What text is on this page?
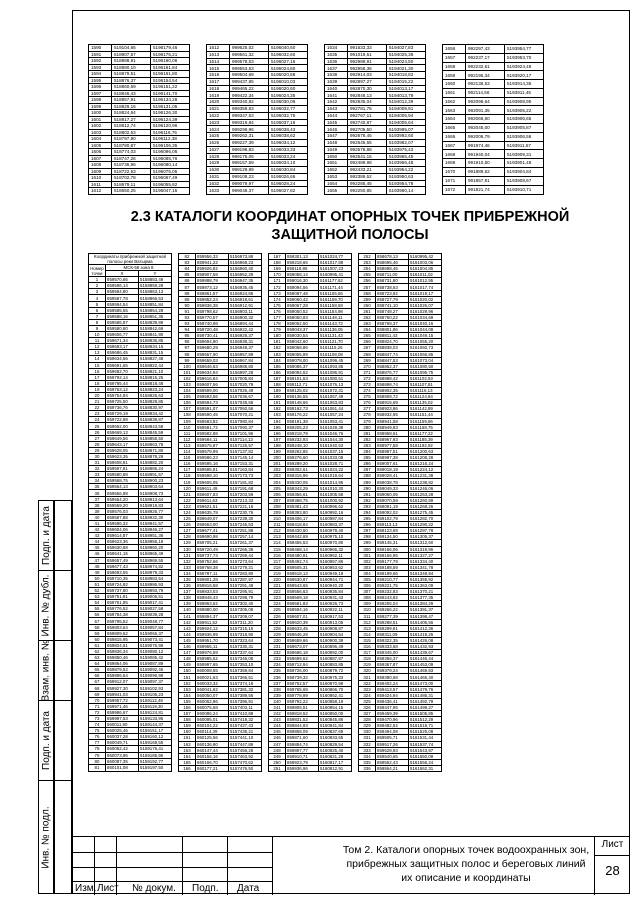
Подп. и дата
Инв. № дубл.
Взам. инв. №
Подп. и дата
Инв. № подл.
1590	519104,66	5196179,46
1591	518907,57	5196175,21
1592	518888,91	5196160,06
1593	518880,10	5196161,84
1594	518879,51	5196161,80
1595	518876,37	5196154,54
1596	518860,69	5196151,22
1597	518846,43	5196141,70
1598	518857,91	5196134,28
1599	518829,16	5196131,05
1600	518824,64	5196126,30
1601	518817,27	5196124,39
1602	518812,74	5196120,96
1603	518802,53	5196116,75
1604	518797,80	5196112,38
1605	518780,87	5196106,35
1606	518774,03	5196096,06
1607	518747,26	5196085,76
1608	518736,96	5196080,14
1609	518722,53	5196075,05
1610	518702,78	5196067,49
1611	518679,11	5196055,82
1612	518650,25	5196047,15
1612	999625,02	5196040,60
1613	999561,32	5196032,60
1614	999578,53	5196027,16
1615	999553,53	5196024,80
1616	999504,69	5196020,58
1617	999437,85	5196010,03
1618	999465,22	5196020,60
1619	999422,34	5196024,35
1620	999340,82	5196030,06
1621	999359,83	5196032,77
1622	999347,53	5196032,75
1623	999319,84	5196037,16
1624	999296,96	5196038,43
1625	999262,31	5196038,62
1626	999227,39	5196034,12
1627	999198,83	5196033,33
1628	999175,05	5196033,24
1629	999157,59	5196034,10
1630	999129,99	5196030,84
1631	999108,23	5196026,66
1632	999079,97	5196028,24
1633	999048,37	5196027,82
1634	991633,33	5194027,83
1635	991019,51	5194025,38
1636	992989,91	5194024,50
1637	992958,36	5194021,30
1638	992914,03	5194018,82
1639	992897,27	5194015,22
1640	992870,30	5194013,17
1641	992846,13	5194013,78
1642	992835,04	5194012,39
1643	992781,76	5194009,91
1644	992767,11	5194006,94
1645	992740,87	5194005,64
1646	992705,50	5193995,07
1647	992678,45	5193992,60
1648	992645,55	5193982,07
1649	992578,88	5193975,43
1650	992541,15	5193965,45
1651	992489,98	5193956,48
1652	992433,21	5193954,22
1653	992389,52	5193950,63
1654	992285,45	5193954,78
1655	992250,85	5193960,14
1656	992297,43	5193954,77
1657	992237,17	5193953,70
1658	992232,61	5193924,48
1659	992195,34	5193920,17
1660	992136,53	5193914,35
1661	992114,56	5193911,45
1662	992096,64	5193908,95
1663	992091,35	5193905,22
1664	992066,60	5193906,65
1665	992045,00	5193905,87
1666	992006,79	5193906,56
1667	991974,46	5193911,57
1668	991940,04	5193909,31
1669	991910,50	5193901,48
1670	991889,62	5193904,84
1671	991857,81	5193908,67
1672	991821,74	5193910,71
2.3 КАТАЛОГИ КООРДИНАТ ОПОРНЫХ ТОЧЕК ПРИБРЕЖНОЙ ЗАЩИТНОЙ ПОЛОСЫ
Координаты прибрежной защитной полосы реки Ватырма		
Номер точки	МСК-58 зона 8	
	X	Y
1	859570,66	5158883,49
2	859596,14	5158859,28
3	859594,80	5158863,13
4	859587,78	5158866,53
5	859594,54	5158851,84
6	859585,55	5158854,28
7	859588,16	5158851,35
8	859586,97	5158839,99
9	859580,80	5158842,69
10	859606,77	5158841,90
11	859671,34	5158836,85
12	859683,17	5158834,15
13	859686,45	5158831,15
14	859634,56	5158827,48
15	859691,65	5158822,44
16	859682,70	5158821,10
17	859792,14	5158815,25
18	859785,44	5158818,48
19	859763,12	5158823,24
20	859754,94	5158826,63
21	859725,50	5158828,85
22	859736,76	5158830,97
23	859729,19	5158834,42
24	859722,98	5158839,87
25	859692,00	5158843,58
26	859669,13	5158845,59
27	859649,56	5158855,50
28	859643,17	5158863,78
29	859628,05	5158871,80
30	859623,35	5158878,29
31	859608,81	5158882,20
32	859597,81	5158886,24
33	859580,88	5158891,57
34	859568,75	5158900,23
35	859564,13	5158903,64
36	859556,88	5158908,73
37	859554,20	5158913,64
38	859559,20	5158919,83
39	859576,03	5158926,77
40	859587,88	5158932,30
41	859596,32	5158941,57
42	859604,06	5158946,27
43	859614,87	5158951,36
44	859623,36	5158956,19
45	859630,88	5158960,20
46	859641,15	5158965,49
47	859657,49	5158969,55
48	859677,43	5158974,82
49	859693,55	5158979,33
50	859710,35	5158983,54
51	859724,82	5158986,93
52	859737,80	5158993,79
53	859751,91	5159006,51
54	859761,95	5159017,41
55	859776,52	5159027,58
56	859784,38	5159039,28
57	859795,52	5159048,77
58	859803,64	5159057,84
59	859809,62	5159066,37
60	859815,95	5159073,41
61	859824,61	5159076,98
62	859836,34	5159080,12
63	859850,46	5159085,42
64	859864,06	5159087,89
65	859879,52	5159092,45
66	859896,64	5159096,99
67	859912,07	5159097,37
68	859927,30	5159102,93
69	859941,03	5159106,23
70	859957,72	5159112,48
71	859971,46	5159119,30
72	859986,67	5159124,81
73	859997,53	5159133,95
74	860011,90	5159144,37
75	860025,46	5159151,17
76	860037,28	5159160,12
77	860049,71	5159168,55
78	860062,42	5159176,41
79	860073,96	5159185,96
80	860087,35	5159192,77
81	860101,08	5159197,50
82	859956,33	5156973,88
83	859941,22	5156968,23
84	859926,82	5156960,40
85	859907,58	5156952,29
86	859888,79	5156947,35
87	859873,12	5156935,45
88	859861,57	5156924,85
89	859852,24	5156918,61
90	859836,38	5156912,91
91	859798,62	5156903,11
92	859770,57	5156900,32
93	859740,98	5156894,44
94	859720,48	5156922,42
95	859730,41	5156928,37
96	859694,80	5156938,31
97	859680,29	5156948,37
98	859667,90	5156957,89
99	859659,03	5156967,84
100	859646,63	5156988,80
101	859634,94	5156997,28
102	859616,84	5157005,84
103	859607,56	5157020,79
104	859599,00	5157026,49
105	859593,56	5157036,67
106	859594,73	5157048,58
107	859591,07	5157060,56
108	859590,45	5157070,21
109	859583,82	5157080,84
110	859581,72	5157090,37
111	859582,88	5157101,96
112	859584,11	5157114,13
113	859575,87	5157126,57
114	859579,99	5157137,82
115	859586,23	5157145,14
116	859595,16	5157153,31
117	859595,81	5157163,84
118	859598,10	5157173,73
119	859606,05	5157181,82
120	859611,49	5157191,68
121	859607,83	5157203,59
122	859611,63	5157213,33
123	859621,51	5157221,16
124	859635,78	5157230,76
125	859649,07	5157239,30
126	859663,00	5157245,53
127	859677,41	5157251,88
128	859690,98	5157257,14
129	859705,21	5157261,37
130	859720,49	5157266,39
131	859737,74	5157269,44
132	859752,66	5157273,64
133	859768,38	5157279,21
134	859787,11	5157283,80
135	859801,28	5157287,97
136	859816,58	5157291,48
137	859833,03	5157295,91
138	859848,43	5157298,79
139	859863,62	5157302,40
140	859880,00	5157305,08
141	859894,37	5157309,07
142	859911,52	5157311,20
143	859924,12	5157315,15
144	859936,99	5157318,90
145	859951,70	5157323,64
146	859965,11	5157330,31
147	859976,59	5157337,64
148	859985,52	5157346,08
149	859997,65	5157353,10
150	860008,55	5157359,84
151	860021,63	5157366,51
152	860033,32	5157374,18
153	860041,62	5157381,32
154	860050,07	5157389,56
155	860062,86	5157396,91
156	860075,68	5157403,11
157	860086,24	5157410,88
158	860095,01	5157419,32
159	860104,22	5157427,43
160	860114,39	5157435,21
161	860125,56	5157441,10
162	860136,90	5157447,89
163	860147,44	5157456,28
164	860156,16	5157463,92
165	860166,70	5157470,62
166	860177,21	5157476,50
167	859301,13	5161024,77
168	859218,66	5161017,88
169	859119,86	5161007,23
170	859058,14	5160995,41
171	859016,30	5161177,62
172	859094,56	5161171,44
173	859087,48	5161165,56
174	859060,42	5161159,70
175	859067,28	5161158,59
176	859050,52	5161154,98
177	859050,83	5161148,11
178	859052,50	5161143,72
179	859043,37	5161136,05
180	859030,54	5161131,43
181	859042,60	5161121,70
182	859058,86	5161115,26
183	859055,89	5161108,08
184	859078,00	5161099,45
185	859086,37	5161093,85
186	859094,52	5161086,91
187	859101,63	5161080,51
188	859112,71	5161076,13
189	859125,02	5161072,31
190	859136,55	5161067,49
191	859148,66	5161063,83
192	859162,73	5161061,44
193	859176,22	5161057,24
194	859191,38	5161053,41
195	859205,23	5161049,38
196	859218,79	5161046,76
197	859232,93	5161044,30
198	859248,10	5161040,53
199	859262,85	5161037,15
200	859276,60	5161033,08
201	859289,20	5161028,71
202	859302,61	5161024,22
203	859316,96	5161019,64
204	859330,05	5161014,95
205	859343,29	5161010,30
206	859356,61	5161005,58
207	859368,75	5161000,92
208	859381,43	5160996,62
209	859393,80	5160992,16
210	859406,17	5160987,84
211	859418,84	5160983,37
212	859430,50	5160979,40
213	859442,69	5160975,10
214	859455,53	5160970,80
215	859468,14	5160966,32
216	859480,91	5160962,11
217	859492,74	5160957,86
218	859505,31	5160953,62
219	859518,13	5160949,19
220	859530,87	5160944,71
221	859543,65	5160940,20
222	859556,63	5160935,84
223	859569,18	5160931,43
224	859581,83	5160926,73
225	859594,16	5160922,11
226	859607,01	5160917,53
227	859620,39	5160913,05
228	859633,45	5160908,87
229	859646,28	5160904,54
230	859659,66	5160900,39
231	859673,07	5160896,49
232	859686,18	5160892,00
233	859699,62	5160887,87
234	859712,94	5160883,85
235	859726,00	5160879,72
236	859739,32	5160875,33
237	859752,57	5160870,98
238	859765,69	5160866,70
239	859778,99	5160862,41
240	859792,22	5160858,19
241	859805,51	5160854,15
242	859818,52	5160850,00
243	859831,52	5160845,86
244	859844,93	5160841,84
245	859858,09	5160837,69
246	859871,60	5160833,65
247	859884,74	5160829,54
248	859897,77	5160825,40
249	859910,71	5160821,29
250	859923,79	5160817,17
251	859936,96	5160812,91
252	858678,13	5160995,42
253	858695,46	5161003,06
254	858698,45	5161004,85
255	858711,00	5161011,02
256	858731,80	5161012,95
257	858738,63	5161017,74
258	858723,92	5161019,17
259	858727,79	5161020,02
260	858741,10	5161026,07
261	858748,27	5161029,96
262	858760,22	5161034,69
263	858769,37	5161040,16
264	858801,86	5161044,08
265	858811,43	5161049,15
266	858824,70	5161055,20
267	858838,03	5161060,73
268	858847,74	5161066,85
269	858847,53	5161073,04
270	858852,37	5161080,50
271	858876,77	5161095,75
272	858888,42	5161102,53
273	858898,74	5161107,81
274	858902,35	5161116,13
275	858908,72	5161124,84
276	858915,69	5161135,02
277	858923,86	5161142,89
278	858932,95	5161151,44
279	858941,58	5161159,86
280	858949,83	5161168,75
281	858958,61	5161177,22
282	858967,93	5161185,39
283	858977,58	5161192,92
284	858987,51	5161200,63
285	858997,38	5161208,28
286	859007,61	5161216,24
287	859018,19	5161224,12
288	859028,41	5161231,38
289	859038,78	5161238,82
290	859049,33	5161246,06
291	859060,05	5161253,28
292	859070,59	5161260,89
293	859081,19	5161268,26
294	859092,02	5161275,45
295	859102,79	5161282,70
296	859113,13	5161290,22
297	859123,69	5161297,78
298	859134,50	5161305,37
299	859145,31	5161312,60
300	859156,06	5161319,96
301	859166,95	5161327,27
302	859177,79	5161334,40
303	859188,59	5161341,78
304	859199,66	5161348,94
305	859210,77	5161355,92
306	859221,75	5161363,09
307	859232,83	5161370,21
308	859243,82	5161377,35
309	859255,04	5161384,29
310	859266,22	5161391,37
311	859277,39	5161398,47
312	859288,51	5161405,56
313	859299,81	5161412,36
314	859311,09	5161419,26
315	859322,35	5161426,08
316	859333,68	5161432,93
317	859345,00	5161439,67
318	859356,37	5161446,44
319	859367,87	5161453,09
320	859379,24	5161459,83
321	859390,68	5161466,40
322	859402,24	5161473,00
323	859413,57	5161479,76
324	859424,94	5161486,31
325	859436,41	5161492,79
326	859447,95	5161499,27
327	859459,39	5161505,85
328	859470,96	5161512,29
329	859482,52	5161518,71
330	859494,08	5161525,08
331	859505,71	5161531,44
332	859517,26	5161537,74
333	859528,93	5161543,97
334	859540,65	5161550,09
335	859552,43	5161556,24
336	859564,21	5161562,31
Изм. Лист № докум. Подп. Дата
Том 2. Каталоги опорных точек водоохранных зон, прибрежных защитных полос и береговых линий их описание и координаты
Лист
28
